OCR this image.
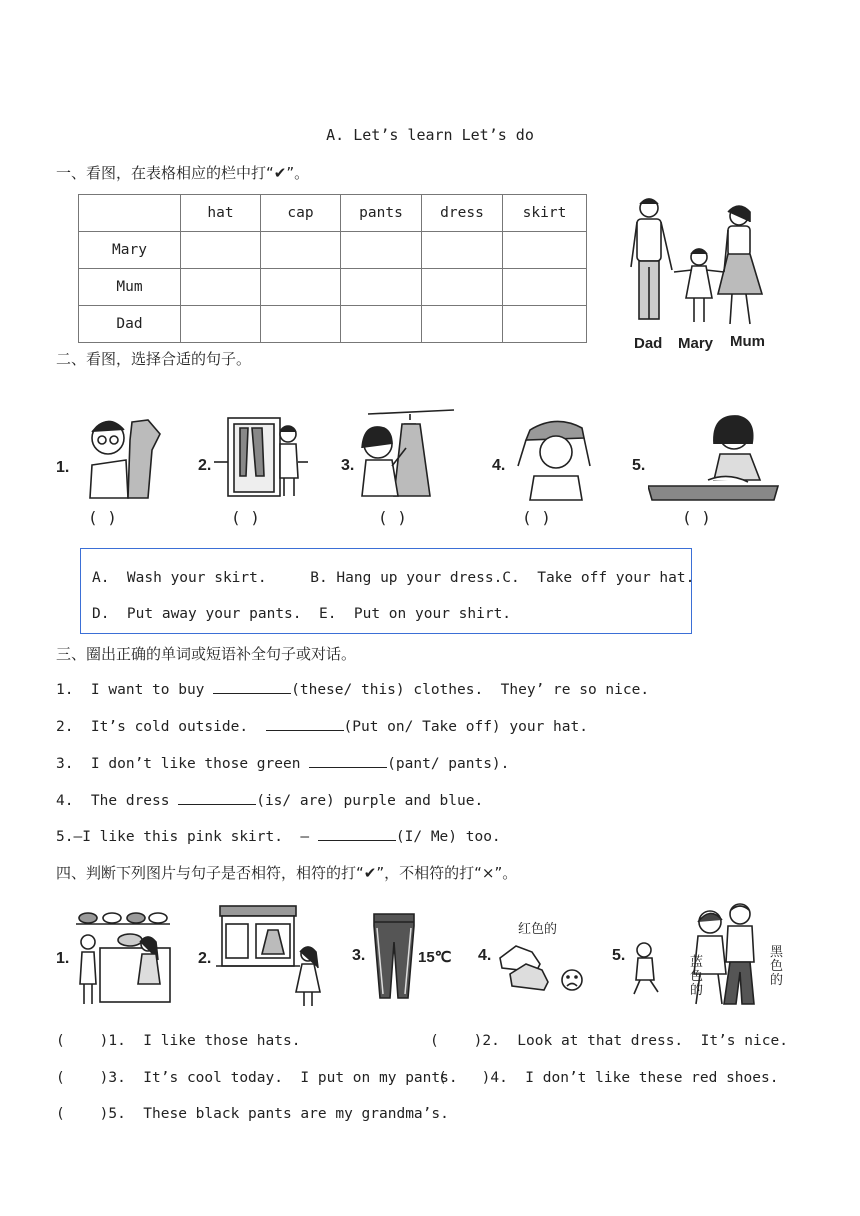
A. Let’s learn Let’s do
一、看图，在表格相应的栏中打“✔”。
	hat	cap	pants	dress	skirt
Mary					
Mum					
Dad					
Dad Mary Mum
二、看图，选择合适的句子。
1.	2.	3.	4.	5.
( )	( )	( )	( )	( )
A.  Wash your skirt.     B. Hang up your dress.C.  Take off your hat.
D.  Put away your pants.  E.  Put on your shirt.
三、圈出正确的单词或短语补全句子或对话。
1.  I want to buy	(these/ this) clothes.  They’ re so nice.
2.  It’s cold outside.	(Put on/ Take off) your hat.
3.  I don’t like those green	(pant/ pants).
4.  The dress	(is/ are) purple and blue.
5.—I like this pink skirt.  —	(I/ Me) too.
四、判断下列图片与句子是否相符，相符的打“✔”，不相符的打“×”。
1.	2.	3.	15℃ 4.
红色的
5.	蓝色的
黑色的
(    )1.  I like those hats.	(    )2.  Look at that dress.  It’s nice.
(    )3.  It’s cool today.  I put on my pants.
(    )4.  I don’t like these red shoes.
(    )5.  These black pants are my grandma’s.
